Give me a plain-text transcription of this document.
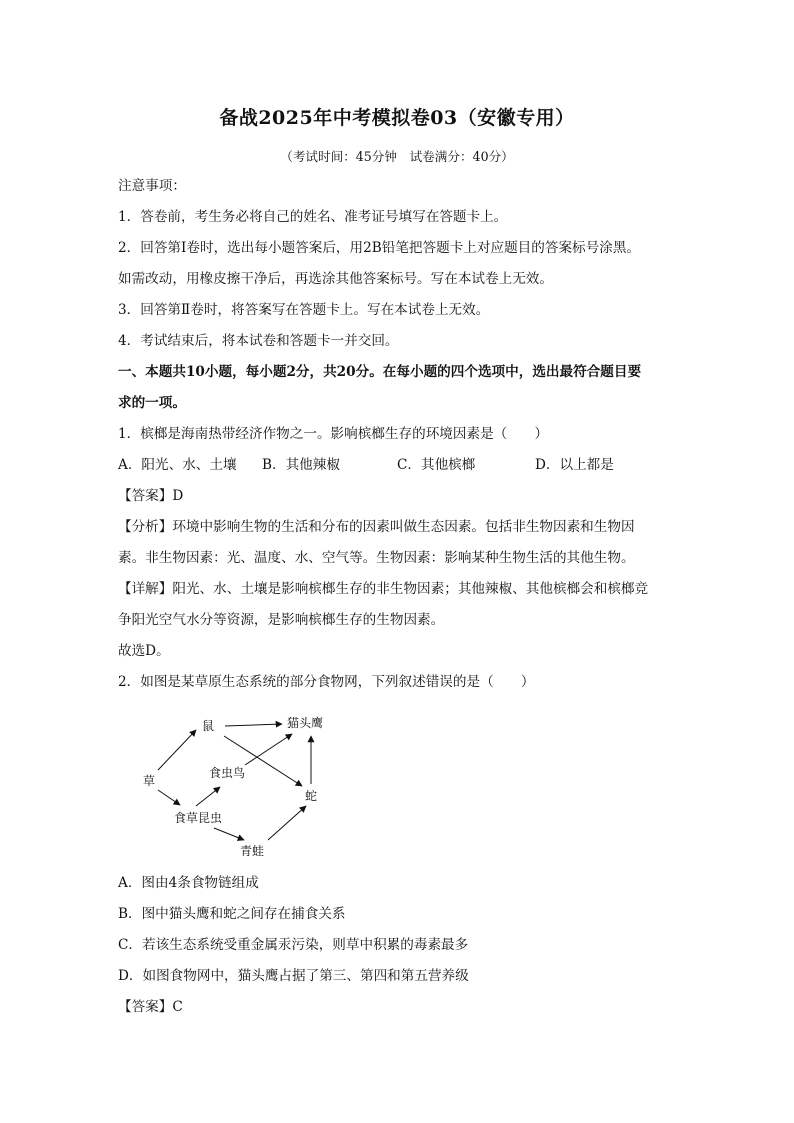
备战2025年中考模拟卷03（安徽专用）
（考试时间：45分钟　试卷满分：40分）
注意事项：
1．答卷前，考生务必将自己的姓名、准考证号填写在答题卡上。
2．回答第Ⅰ卷时，选出每小题答案后，用2B铅笔把答题卡上对应题目的答案标号涂黑。
如需改动，用橡皮擦干净后，再选涂其他答案标号。写在本试卷上无效。
3．回答第Ⅱ卷时，将答案写在答题卡上。写在本试卷上无效。
4．考试结束后，将本试卷和答题卡一并交回。
一、本题共10小题，每小题2分，共20分。在每小题的四个选项中，选出最符合题目要
求的一项。
1．槟榔是海南热带经济作物之一。影响槟榔生存的环境因素是（　　）
A．阳光、水、土壤 B．其他辣椒	C．其他槟榔	D．以上都是
【答案】D
【分析】环境中影响生物的生活和分布的因素叫做生态因素。包括非生物因素和生物因
素。非生物因素：光、温度、水、空气等。生物因素：影响某种生物生活的其他生物。
【详解】阳光、水、土壤是影响槟榔生存的非生物因素；其他辣椒、其他槟榔会和槟榔竞
争阳光空气水分等资源，是影响槟榔生存的生物因素。
故选D。
2．如图是某草原生态系统的部分食物网，下列叙述错误的是（　　）
草
鼠	猫头鹰
食虫鸟
蛇
食草昆虫
青蛙
A．图由4条食物链组成
B．图中猫头鹰和蛇之间存在捕食关系
C．若该生态系统受重金属汞污染，则草中积累的毒素最多
D．如图食物网中，猫头鹰占据了第三、第四和第五营养级
【答案】C
